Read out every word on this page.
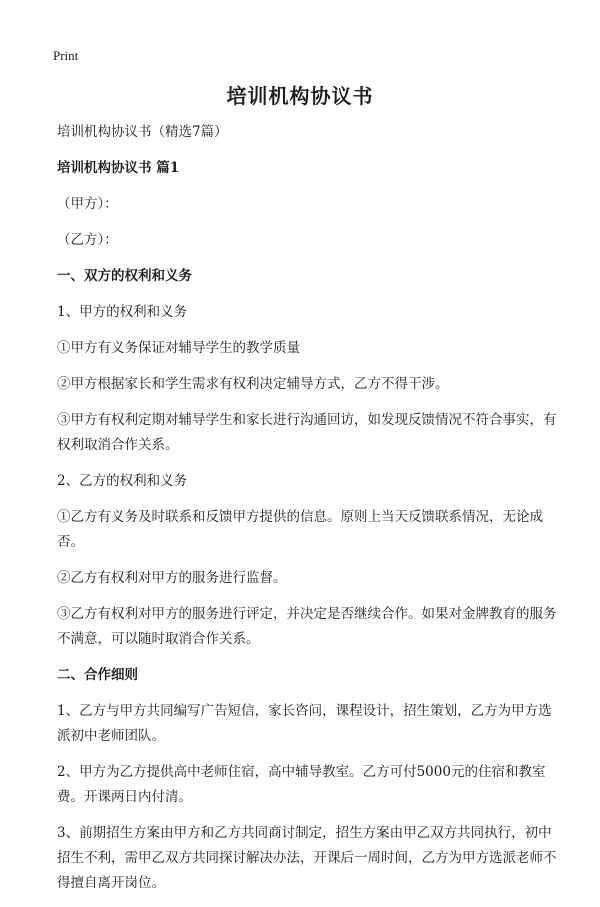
Print
培训机构协议书

培训机构协议书（精选7篇）

培训机构协议书 篇1

（甲方）：

（乙方）：

一、双方的权利和义务

1、甲方的权利和义务

①甲方有义务保证对辅导学生的教学质量

②甲方根据家长和学生需求有权利决定辅导方式，乙方不得干涉。

③甲方有权利定期对辅导学生和家长进行沟通回访，如发现反馈情况不符合事实，有权利取消合作关系。

2、乙方的权利和义务

①乙方有义务及时联系和反馈甲方提供的信息。原则上当天反馈联系情况，无论成否。

②乙方有权利对甲方的服务进行监督。

③乙方有权利对甲方的服务进行评定，并决定是否继续合作。如果对金牌教育的服务不满意，可以随时取消合作关系。

二、合作细则

1、乙方与甲方共同编写广告短信，家长咨问，课程设计，招生策划，乙方为甲方选派初中老师团队。

2、甲方为乙方提供高中老师住宿，高中辅导教室。乙方可付5000元的住宿和教室费。开课两日内付清。

3、前期招生方案由甲方和乙方共同商讨制定，招生方案由甲乙双方共同执行，初中招生不利，需甲乙双方共同探讨解决办法，开课后一周时间，乙方为甲方选派老师不得擅自离开岗位。
